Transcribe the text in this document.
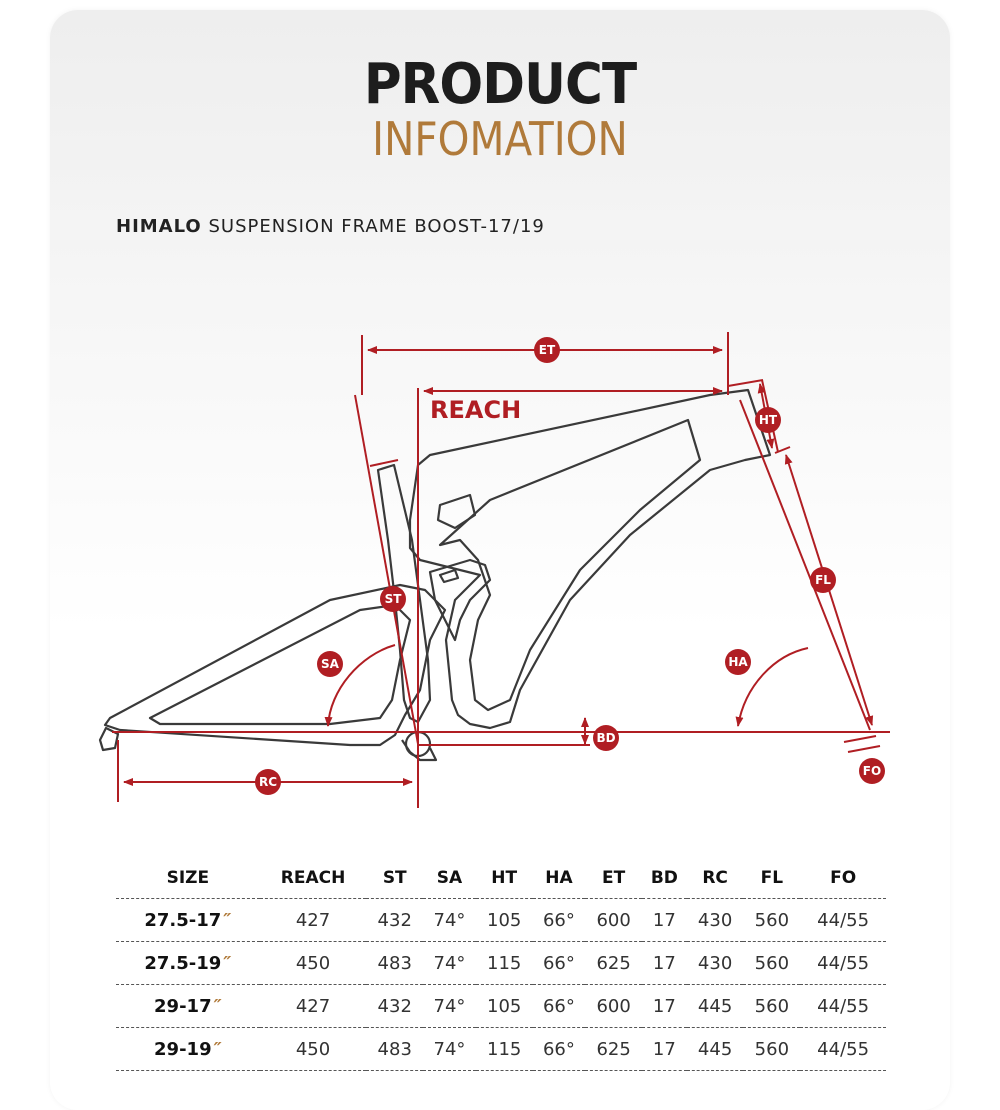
PRODUCT
INFOMATION
HIMALO SUSPENSION FRAME BOOST-17/19
ET
HT
FL
ST
SA	HA
BD
RC
FO
REACH
SIZE	REACH	ST	SA	HT	HA	ET	BD	RC	FL	FO
27.5-17 ″	427	432	74°	105	66°	600	17	430	560	44/55
27.5-19 ″	450	483	74°	115	66°	625	17	430	560	44/55
29-17 ″	427	432	74°	105	66°	600	17	445	560	44/55
29-19 ″	450	483	74°	115	66°	625	17	445	560	44/55
